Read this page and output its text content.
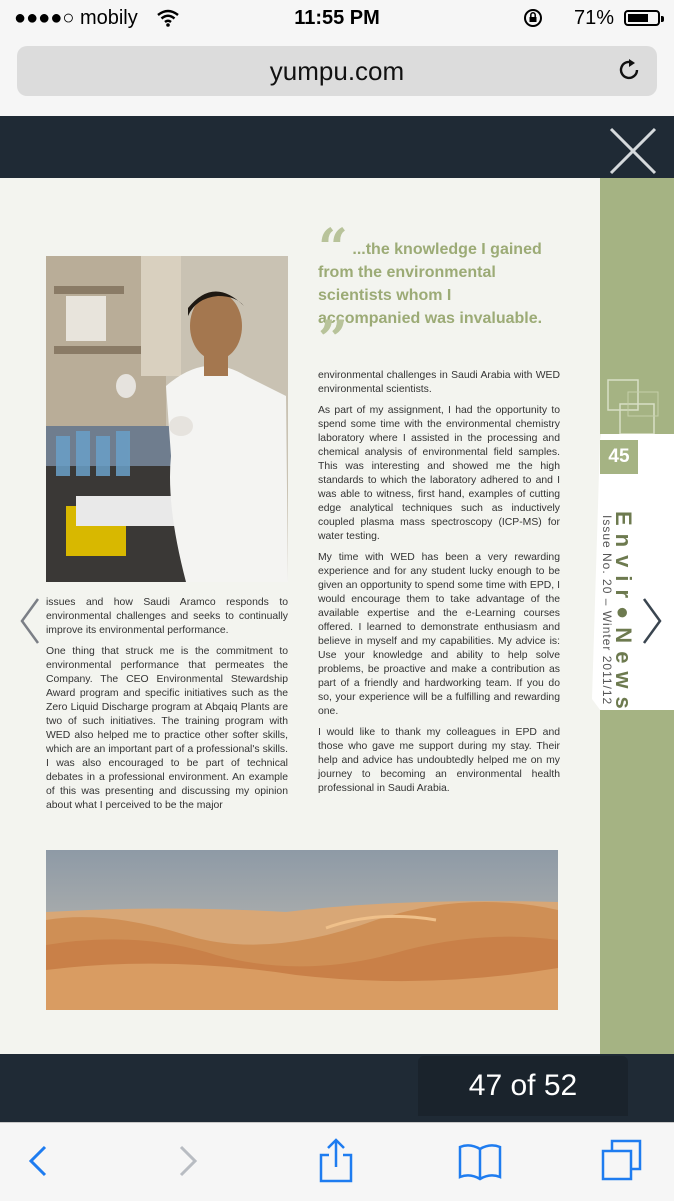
●●●●○ mobily	11:55 PM	71%
yumpu.com
45
Envir●News
Issue No. 20 – Winter 2011/12
“ ...the knowledge I gained from the environmental scientists whom I accompanied was invaluable. ”

issues and how Saudi Aramco responds to environmental challenges and seeks to continually improve its environmental performance.

One thing that struck me is the commitment to environmental performance that permeates the Company. The CEO Environmental Stewardship Award program and specific initiatives such as the Zero Liquid Discharge program at Abqaiq Plants are two of such initiatives. The training program with WED also helped me to practice other softer skills, which are an important part of a professional's skills. I was also encouraged to be part of technical debates in a professional environment. An example of this was presenting and discussing my opinion about what I perceived to be the major

environmental challenges in Saudi Arabia with WED environmental scientists.

As part of my assignment, I had the opportunity to spend some time with the environmental chemistry laboratory where I assisted in the processing and chemical analysis of environmental field samples. This was interesting and showed me the high standards to which the laboratory adhered to and I was able to witness, first hand, examples of cutting edge analytical techniques such as inductively coupled plasma mass spectroscopy (ICP-MS) for water testing.

My time with WED has been a very rewarding experience and for any student lucky enough to be given an opportunity to spend some time with EPD, I would encourage them to take advantage of the available expertise and the e-Learning courses offered. I learned to demonstrate enthusiasm and believe in myself and my capabilities. My advice is: Use your knowledge and ability to help solve problems, be proactive and make a contribution as part of a friendly and hardworking team. If you do so, your experience will be a fulfilling and rewarding one.

I would like to thank my colleagues in EPD and those who gave me support during my stay. Their help and advice has undoubtedly helped me on my journey to becoming an environmental health professional in Saudi Arabia.

47 of 52
